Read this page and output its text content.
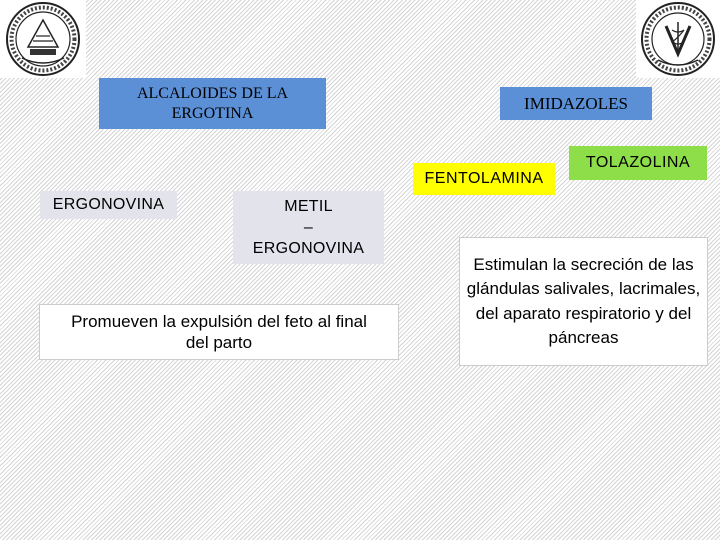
ALCALOIDES DE LA ERGOTINA
IMIDAZOLES
FENTOLAMINA
TOLAZOLINA
ERGONOVINA	METIL
–
ERGONOVINA
Promueven la expulsión del feto al final del parto
Estimulan la secreción de las glándulas salivales, lacrimales, del aparato respiratorio y del páncreas
